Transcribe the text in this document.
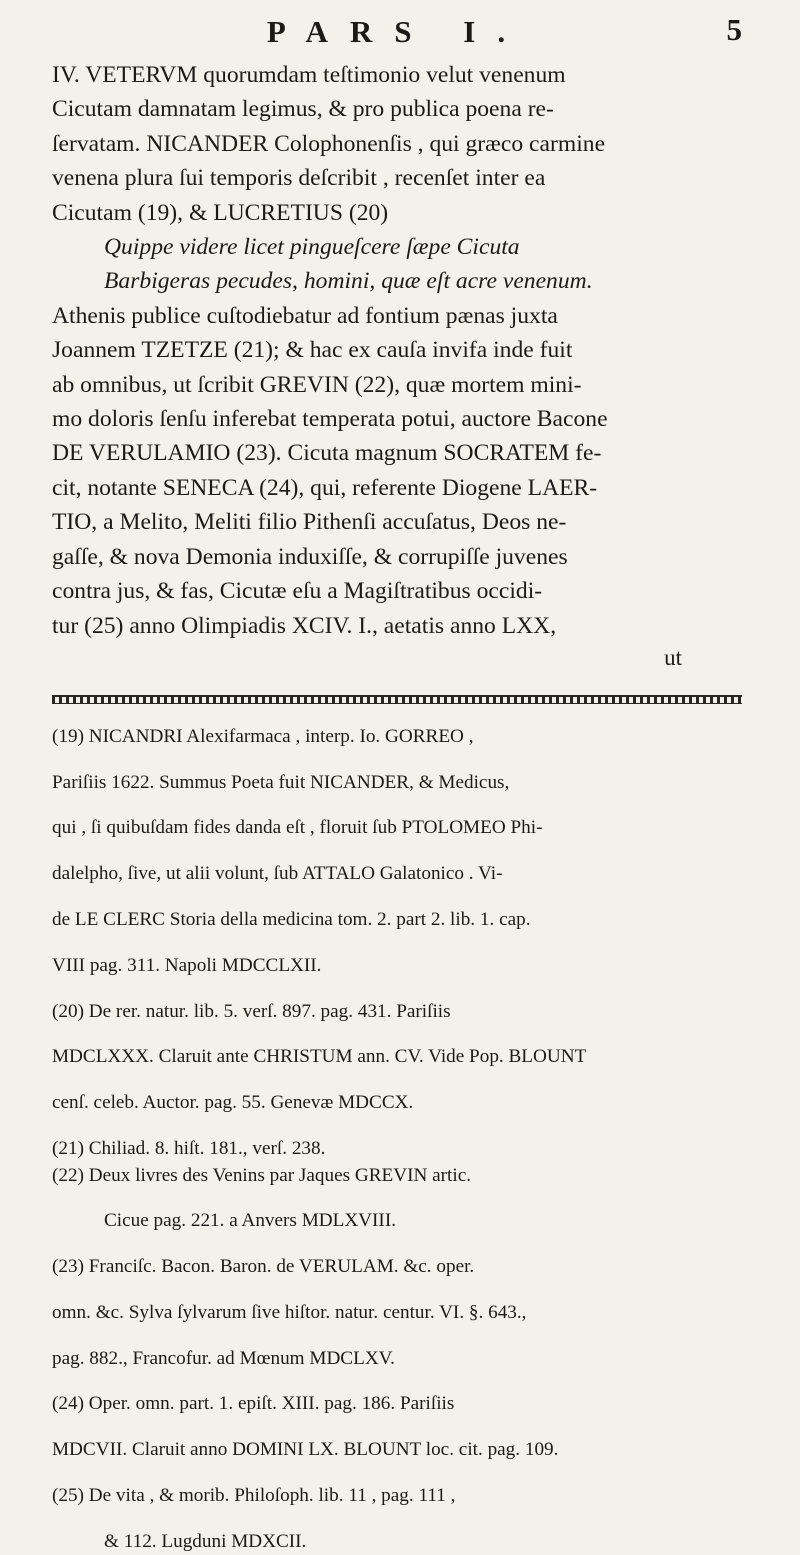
PARS I.	5

IV. VETERVM quorumdam teſtimonio velut venenum

Cicutam damnatam legimus, & pro publica poena re-

ſervatam. NICANDER Colophonenſis , qui græco carmine

venena plura ſui temporis deſcribit , recenſet inter ea

Cicutam (19), & LUCRETIUS (20)

Quippe videre licet pingueſcere ſæpe Cicuta

Barbigeras pecudes, homini, quæ eſt acre venenum.

Athenis publice cuſtodiebatur ad fontium pænas juxta

Joannem TZETZE (21); & hac ex cauſa invifa inde fuit

ab omnibus, ut ſcribit GREVIN (22), quæ mortem mini-

mo doloris ſenſu inferebat temperata potui, auctore Bacone

DE VERULAMIO (23). Cicuta magnum SOCRATEM fe-

cit, notante SENECA (24), qui, referente Diogene LAER-

TIO, a Melito, Meliti filio Pithenſi accuſatus, Deos ne-

gaſſe, & nova Demonia induxiſſe, & corrupiſſe juvenes

contra jus, & fas, Cicutæ eſu a Magiſtratibus occidi-

tur (25) anno Olimpiadis XCIV. I., aetatis anno LXX,

ut

(19) NICANDRI Alexifarmaca , interp. Io. GORREO ,

Pariſiis 1622. Summus Poeta fuit NICANDER, & Medicus,

qui , ſi quibuſdam fides danda eſt , floruit ſub PTOLOMEO Phi-

dalelpho, ſive, ut alii volunt, ſub ATTALO Galatonico . Vi-

de LE CLERC Storia della medicina tom. 2. part 2. lib. 1. cap.

VIII pag. 311. Napoli MDCCLXII.

(20) De rer. natur. lib. 5. verſ. 897. pag. 431. Pariſiis

MDCLXXX. Claruit ante CHRISTUM ann. CV. Vide Pop. BLOUNT

cenſ. celeb. Auctor. pag. 55. Genevæ MDCCX.

(21) Chiliad. 8. hiſt. 181., verſ. 238.

(22) Deux livres des Venins par Jaques GREVIN artic.

Cicue pag. 221. a Anvers MDLXVIII.

(23) Franciſc. Bacon. Baron. de VERULAM. &c. oper.

omn. &c. Sylva ſylvarum ſive hiſtor. natur. centur. VI. §. 643.,

pag. 882., Francofur. ad Mœnum MDCLXV.

(24) Oper. omn. part. 1. epiſt. XIII. pag. 186. Pariſiis

MDCVII. Claruit anno DOMINI LX. BLOUNT loc. cit. pag. 109.

(25) De vita , & morib. Philoſoph. lib. 11 , pag. 111 ,

& 112. Lugduni MDXCII.
